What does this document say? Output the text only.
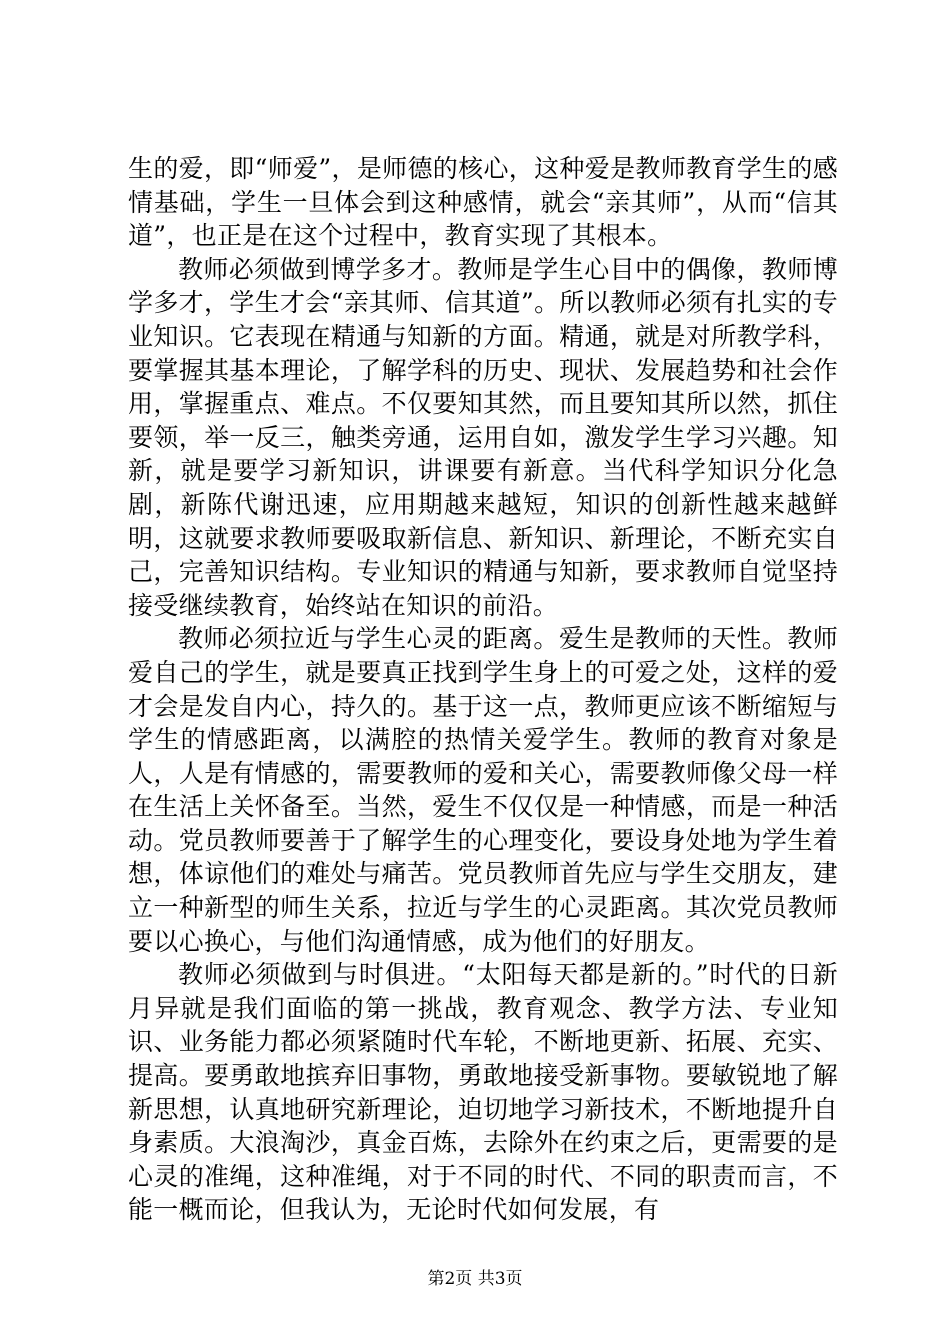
生的爱，即“师爱”，是师德的核心，这种爱是教师教育学生的感情基础，学生一旦体会到这种感情，就会“亲其师”，从而“信其道”，也正是在这个过程中，教育实现了其根本。

教师必须做到博学多才。教师是学生心目中的偶像，教师博学多才，学生才会“亲其师、信其道”。所以教师必须有扎实的专业知识。它表现在精通与知新的方面。精通，就是对所教学科，要掌握其基本理论，了解学科的历史、现状、发展趋势和社会作用，掌握重点、难点。不仅要知其然，而且要知其所以然，抓住要领，举一反三，触类旁通，运用自如，激发学生学习兴趣。知新，就是要学习新知识，讲课要有新意。当代科学知识分化急剧，新陈代谢迅速，应用期越来越短，知识的创新性越来越鲜明，这就要求教师要吸取新信息、新知识、新理论，不断充实自己，完善知识结构。专业知识的精通与知新，要求教师自觉坚持接受继续教育，始终站在知识的前沿。

教师必须拉近与学生心灵的距离。爱生是教师的天性。教师爱自己的学生，就是要真正找到学生身上的可爱之处，这样的爱才会是发自内心，持久的。基于这一点，教师更应该不断缩短与学生的情感距离，以满腔的热情关爱学生。教师的教育对象是人，人是有情感的，需要教师的爱和关心，需要教师像父母一样在生活上关怀备至。当然，爱生不仅仅是一种情感，而是一种活动。党员教师要善于了解学生的心理变化，要设身处地为学生着想，体谅他们的难处与痛苦。党员教师首先应与学生交朋友，建立一种新型的师生关系，拉近与学生的心灵距离。其次党员教师要以心换心，与他们沟通情感，成为他们的好朋友。

教师必须做到与时俱进。“太阳每天都是新的。”时代的日新月异就是我们面临的第一挑战，教育观念、教学方法、专业知识、业务能力都必须紧随时代车轮，不断地更新、拓展、充实、提高。要勇敢地摈弃旧事物，勇敢地接受新事物。要敏锐地了解新思想，认真地研究新理论，迫切地学习新技术，不断地提升自身素质。大浪淘沙，真金百炼，去除外在约束之后，更需要的是心灵的准绳，这种准绳，对于不同的时代、不同的职责而言，不能一概而论，但我认为，无论时代如何发展，有

第2页 共3页
